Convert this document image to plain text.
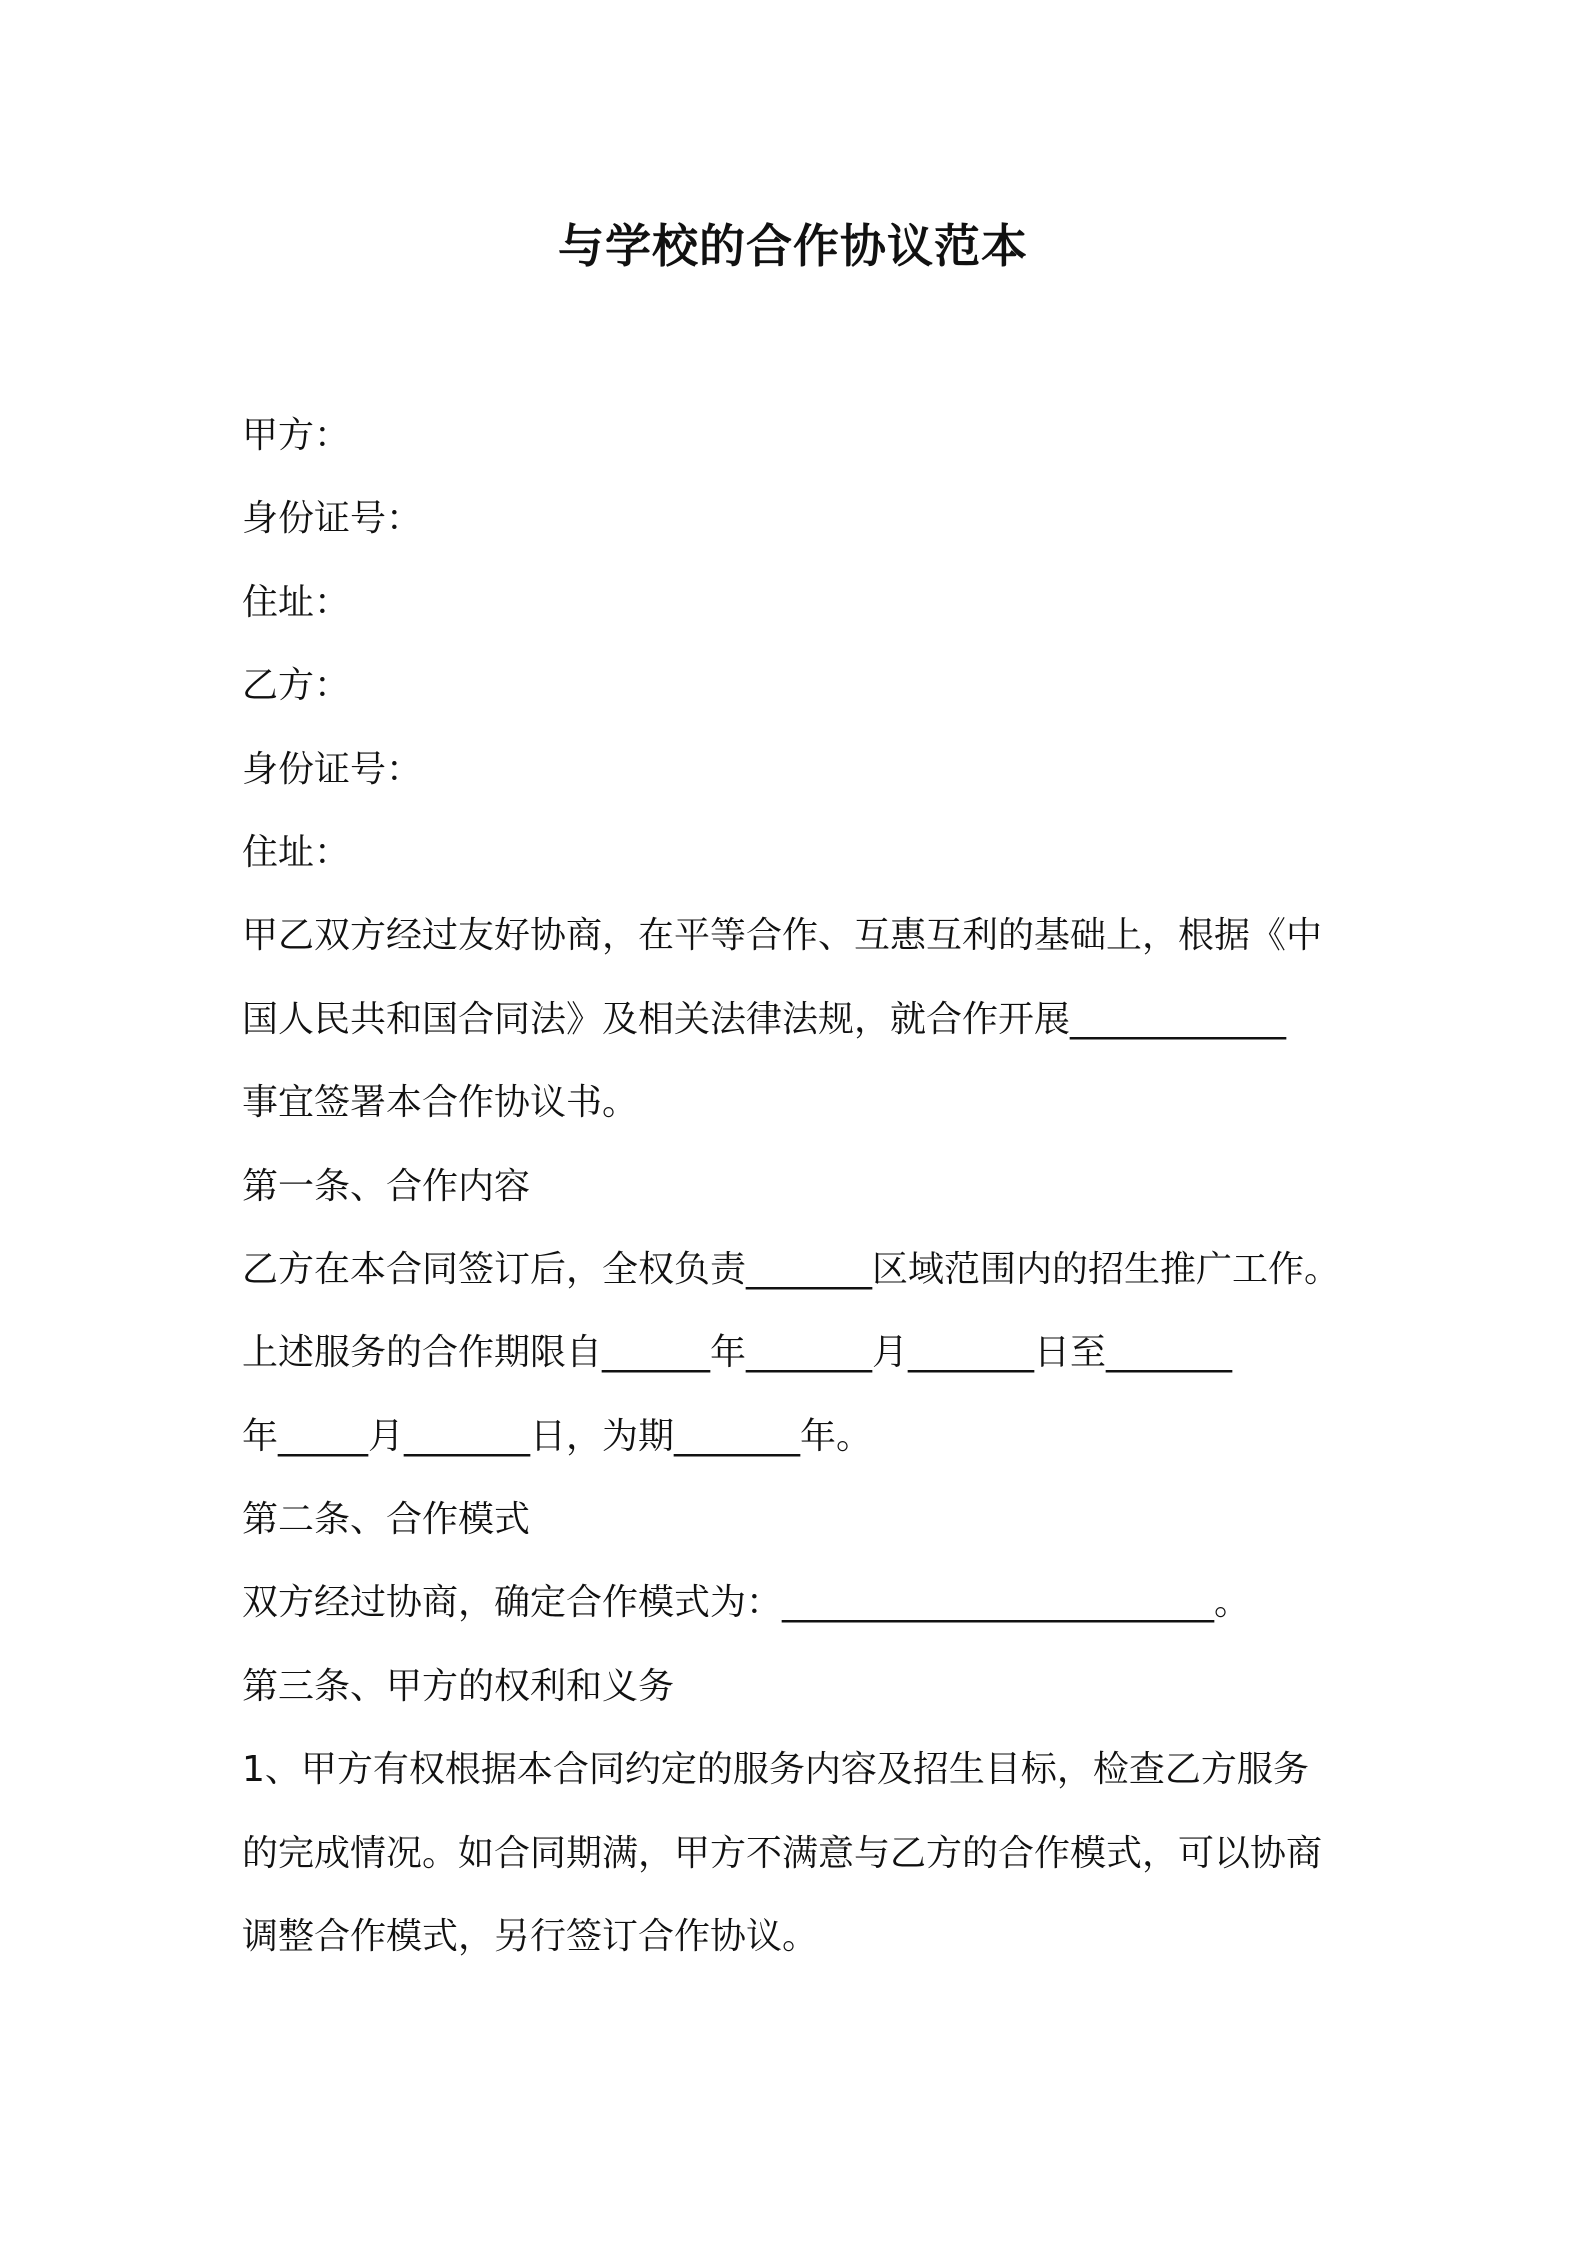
与学校的合作协议范本
甲方：
身份证号：
住址：
乙方：
身份证号：
住址：
甲乙双方经过友好协商，在平等合作、互惠互利的基础上，根据《中
国人民共和国合同法》及相关法律法规，就合作开展____________
事宜签署本合作协议书。
第一条、合作内容
乙方在本合同签订后，全权负责_______区域范围内的招生推广工作。
上述服务的合作期限自______年_______月_______日至_______
年_____月_______日，为期_______年。
第二条、合作模式
双方经过协商，确定合作模式为：________________________。
第三条、甲方的权利和义务
1、甲方有权根据本合同约定的服务内容及招生目标，检查乙方服务
的完成情况。如合同期满，甲方不满意与乙方的合作模式，可以协商
调整合作模式，另行签订合作协议。
